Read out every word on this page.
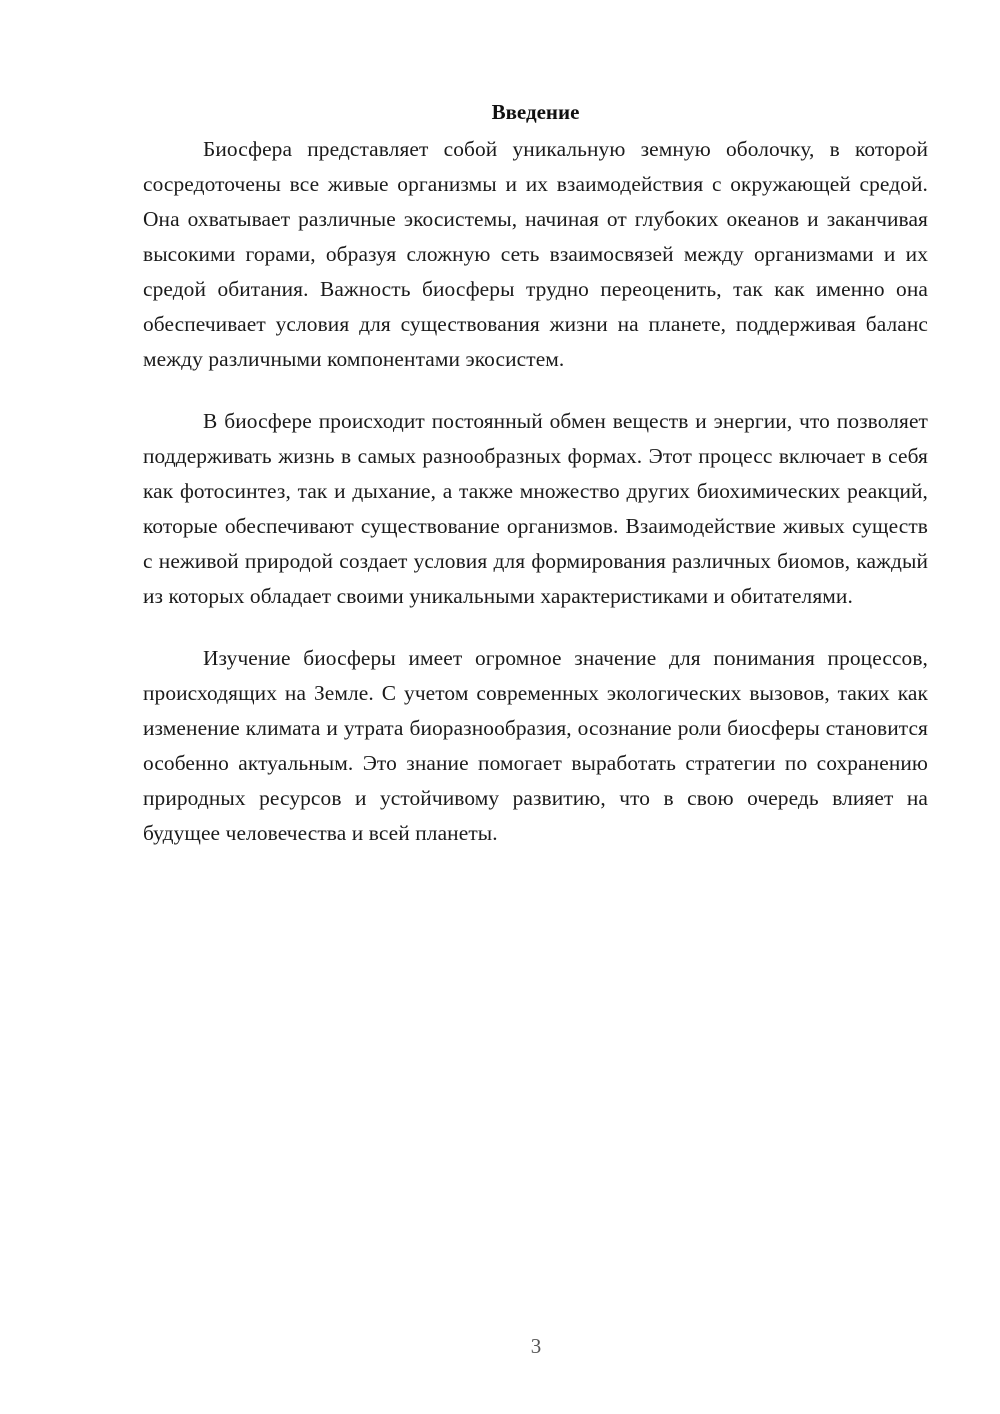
Введение

Биосфера представляет собой уникальную земную оболочку, в которой сосредоточены все живые организмы и их взаимодействия с окружающей средой. Она охватывает различные экосистемы, начиная от глубоких океанов и заканчивая высокими горами, образуя сложную сеть взаимосвязей между организмами и их средой обитания. Важность биосферы трудно переоценить, так как именно она обеспечивает условия для существования жизни на планете, поддерживая баланс между различными компонентами экосистем.

В биосфере происходит постоянный обмен веществ и энергии, что позволяет поддерживать жизнь в самых разнообразных формах. Этот процесс включает в себя как фотосинтез, так и дыхание, а также множество других биохимических реакций, которые обеспечивают существование организмов. Взаимодействие живых существ с неживой природой создает условия для формирования различных биомов, каждый из которых обладает своими уникальными характеристиками и обитателями.

Изучение биосферы имеет огромное значение для понимания процессов, происходящих на Земле. С учетом современных экологических вызовов, таких как изменение климата и утрата биоразнообразия, осознание роли биосферы становится особенно актуальным. Это знание помогает выработать стратегии по сохранению природных ресурсов и устойчивому развитию, что в свою очередь влияет на будущее человечества и всей планеты.

3
